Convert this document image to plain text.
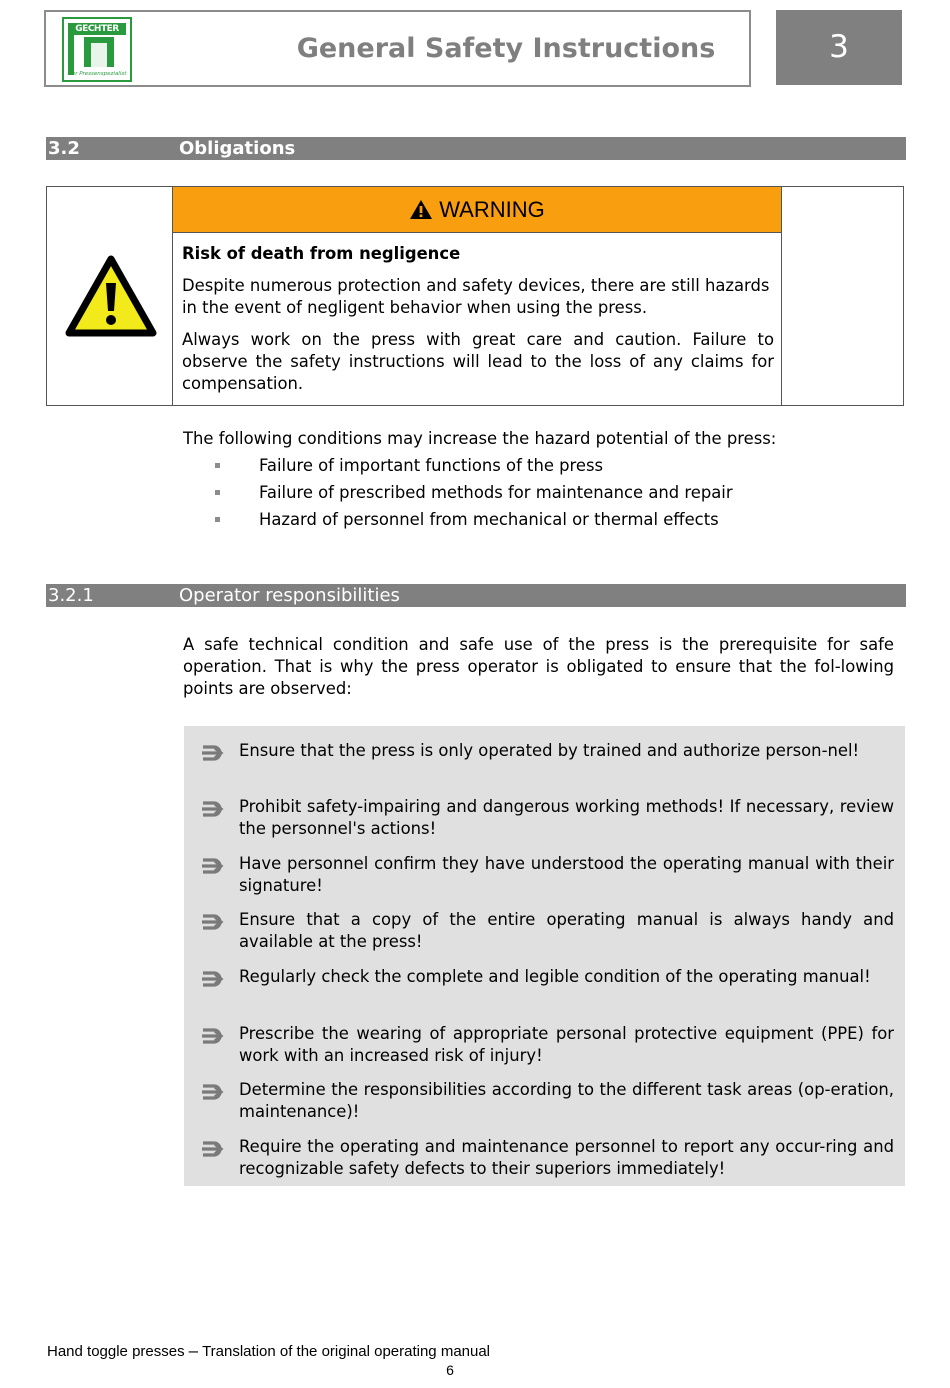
GECHTER
Der Pressenspezialist
General Safety Instructions	3
3.2	Obligations
WARNING
Risk of death from negligence

Despite numerous protection and safety devices, there are still hazards in the event of negligent behavior when using the press.

Always work on the press with great care and caution. Failure to observe the safety instructions will lead to the loss of any claims for compensation.

The following conditions may increase the hazard potential of the press:
Failure of important functions of the press
Failure of prescribed methods for maintenance and repair
Hazard of personnel from mechanical or thermal effects
3.2.1	Operator responsibilities
A safe technical condition and safe use of the press is the prerequisite for safe operation. That is why the press operator is obligated to ensure that the fol-lowing points are observed:
Ensure that the press is only operated by trained and authorize person-nel!
Prohibit safety-impairing and dangerous working methods! If necessary, review the personnel's actions!
Have personnel confirm they have understood the operating manual with their signature!
Ensure that a copy of the entire operating manual is always handy and available at the press!
Regularly check the complete and legible condition of the operating manual!
Prescribe the wearing of appropriate personal protective equipment (PPE) for work with an increased risk of injury!
Determine the responsibilities according to the different task areas (op-eration, maintenance)!
Require the operating and maintenance personnel to report any occur-ring and recognizable safety defects to their superiors immediately!
Hand toggle presses – Translation of the original operating manual
6
